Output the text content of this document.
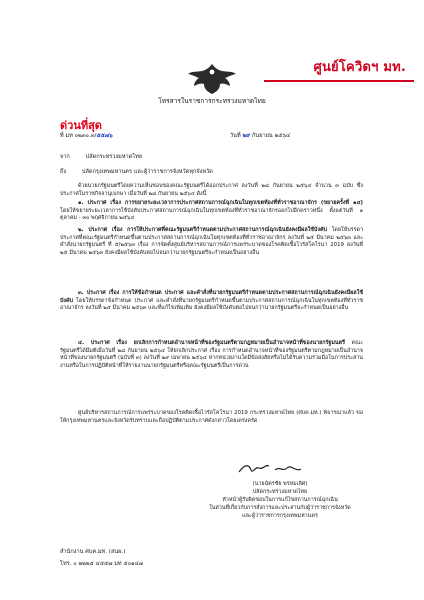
ศูนย์โควิดฯ มท.
โทรสารในราชการกระทรวงมหาดไทย
ด่วนที่สุด
ที่ มท ๐๒๓๐.๓/๕๕๗๖	วันที่ ๒๙ กันยายน ๒๕๖๔
จาก	ปลัดกระทรวงมหาดไทย
ถึง	ปลัดกรุงเทพมหานคร และผู้ว่าราชการจังหวัดทุกจังหวัด
ด้วยนายกรัฐมนตรีโดยความเห็นชอบของคณะรัฐมนตรีได้ออกประกาศ ลงวันที่ ๒๘ กันยายน ๒๕๖๔ จำนวน ๓ ฉบับ ซึ่งประกาศในราชกิจจานุเบกษา เมื่อวันที่ ๒๘ กันยายน ๒๕๖๔ ดังนี้
๑. ประกาศ เรื่อง การขยายระยะเวลาการประกาศสถานการณ์ฉุกเฉินในทุกเขตท้องที่ทั่วราชอาณาจักร (ขยายครั้งที่ ๑๔) โดยให้ขยายระยะเวลาการใช้บังคับประกาศสถานการณ์ฉุกเฉินในทุกเขตท้องที่ทั่วราชอาณาจักรออกไปอีกคราวหนึ่ง ตั้งแต่วันที่ ๑ ตุลาคม - ๓๐ พฤศจิกายน ๒๕๖๔
๒. ประกาศ เรื่อง การให้ประกาศที่คณะรัฐมนตรีกำหนดตามประกาศสถานการณ์ฉุกเฉินยังคงมีผลใช้บังคับ โดยให้บรรดาประกาศที่คณะรัฐมนตรีกำหนดขึ้นตามประกาศสถานการณ์ฉุกเฉินในทุกเขตท้องที่ทั่วราชอาณาจักร ลงวันที่ ๒๕ มีนาคม ๒๕๖๓ และคำสั่งนายกรัฐมนตรี ที่ ๕/๒๕๖๓ เรื่อง การจัดตั้งศูนย์บริหารสถานการณ์การแพร่ระบาดของโรคติดเชื้อไวรัสโคโรนา 2019 ลงวันที่ ๒๕ มีนาคม ๒๕๖๓ ยังคงมีผลใช้บังคับต่อไปจนกว่านายกรัฐมนตรีจะกำหนดเป็นอย่างอื่น
๓. ประกาศ เรื่อง การให้ข้อกำหนด ประกาศ และคำสั่งที่นายกรัฐมนตรีกำหนดตามประกาศสถานการณ์ฉุกเฉินยังคงมีผลใช้บังคับ โดยให้บรรดาข้อกำหนด ประกาศ และคำสั่งที่นายกรัฐมนตรีกำหนดขึ้นตามประกาศสถานการณ์ฉุกเฉินในทุกเขตท้องที่ทั่วราชอาณาจักร ลงวันที่ ๒๕ มีนาคม ๒๕๖๓ และที่แก้ไขเพิ่มเติม ยังคงมีผลใช้บังคับต่อไปจนกว่านายกรัฐมนตรีจะกำหนดเป็นอย่างอื่น
๔. ประกาศ เรื่อง ยกเลิกการกำหนดอำนาจหน้าที่ของรัฐมนตรีตามกฎหมายเป็นอำนาจหน้าที่ของนายกรัฐมนตรี คณะรัฐมนตรีได้มีมติเมื่อวันที่ ๒๘ กันยายน ๒๕๖๔ ให้ยกเลิกประกาศ เรื่อง การกำหนดอำนาจหน้าที่ของรัฐมนตรีตามกฎหมายเป็นอำนาจหน้าที่ของนายกรัฐมนตรี (ฉบับที่ ๓) ลงวันที่ ๒๙ เมษายน ๒๕๖๔ หากหน่วยงานใดมีข้อสงสัยหรือไม่ได้รับความร่วมมือในการประสานงานหรือในการปฏิบัติหน้าที่ให้รายงานนายกรัฐมนตรีหรือคณะรัฐมนตรีเป็นการด่วน
ศูนย์บริหารสถานการณ์การแพร่ระบาดของโรคติดเชื้อไวรัสโคโรนา 2019 กระทรวงมหาดไทย (ศบค.มท.) พิจารณาแล้ว ขอให้กรุงเทพมหานครและจังหวัดรับทราบและถือปฏิบัติตามประกาศดังกล่าวโดยเคร่งครัด
(นายฉัตรชัย พรหมเลิศ)
ปลัดกระทรวงมหาดไทย
หัวหน้าผู้รับผิดชอบในการแก้ไขสถานการณ์ฉุกเฉิน
ในส่วนที่เกี่ยวกับการสั่งการและประสานกับผู้ว่าราชการจังหวัด
และผู้ว่าราชการกรุงเทพมหานคร
สำนักงาน ศบค.มท. (สนผ.)
โทร. ๐ ๒๒๒๕ ๔๕๕๗ มท ๕๐๑๔๗
